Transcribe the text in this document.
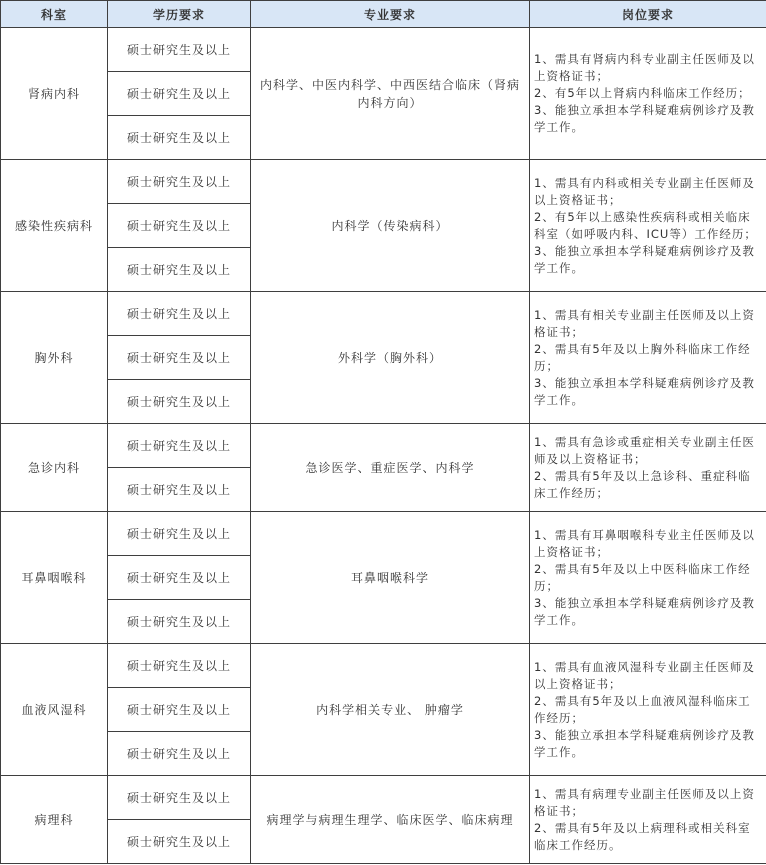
科室	学历要求	专业要求	岗位要求
肾病内科	硕士研究生及以上	内科学、中医内科学、中西医结合临床（肾病内科方向）	1、需具有肾病内科专业副主任医师及以上资格证书；
2、有5年以上肾病内科临床工作经历；
3、能独立承担本学科疑难病例诊疗及教学工作。

	硕士研究生及以上		
	硕士研究生及以上		
感染性疾病科	硕士研究生及以上	内科学（传染病科）	1、需具有内科或相关专业副主任医师及以上资格证书；
2、有5年以上感染性疾病科或相关临床科室（如呼吸内科、ICU等）工作经历；
3、能独立承担本学科疑难病例诊疗及教学工作。

	硕士研究生及以上		
	硕士研究生及以上		
胸外科	硕士研究生及以上	外科学（胸外科）	1、需具有相关专业副主任医师及以上资格证书；
2、需具有5年及以上胸外科临床工作经历；
3、能独立承担本学科疑难病例诊疗及教学工作。

	硕士研究生及以上		
	硕士研究生及以上		
急诊内科	硕士研究生及以上	急诊医学、重症医学、内科学	1、需具有急诊或重症相关专业副主任医师及以上资格证书；
2、需具有5年及以上急诊科、重症科临床工作经历；

	硕士研究生及以上		
耳鼻咽喉科	硕士研究生及以上	耳鼻咽喉科学	1、需具有耳鼻咽喉科专业主任医师及以上资格证书；
2、需具有5年及以上中医科临床工作经历；
3、能独立承担本学科疑难病例诊疗及教学工作。

	硕士研究生及以上		
	硕士研究生及以上		
血液风湿科	硕士研究生及以上	内科学相关专业、 肿瘤学	1、需具有血液风湿科专业副主任医师及以上资格证书；
2、需具有5年及以上血液风湿科临床工作经历；
3、能独立承担本学科疑难病例诊疗及教学工作。

	硕士研究生及以上		
	硕士研究生及以上		
病理科	硕士研究生及以上	病理学与病理生理学、临床医学、临床病理	1、需具有病理专业副主任医师及以上资格证书；
2、需具有5年及以上病理科或相关科室临床工作经历。

	硕士研究生及以上		
